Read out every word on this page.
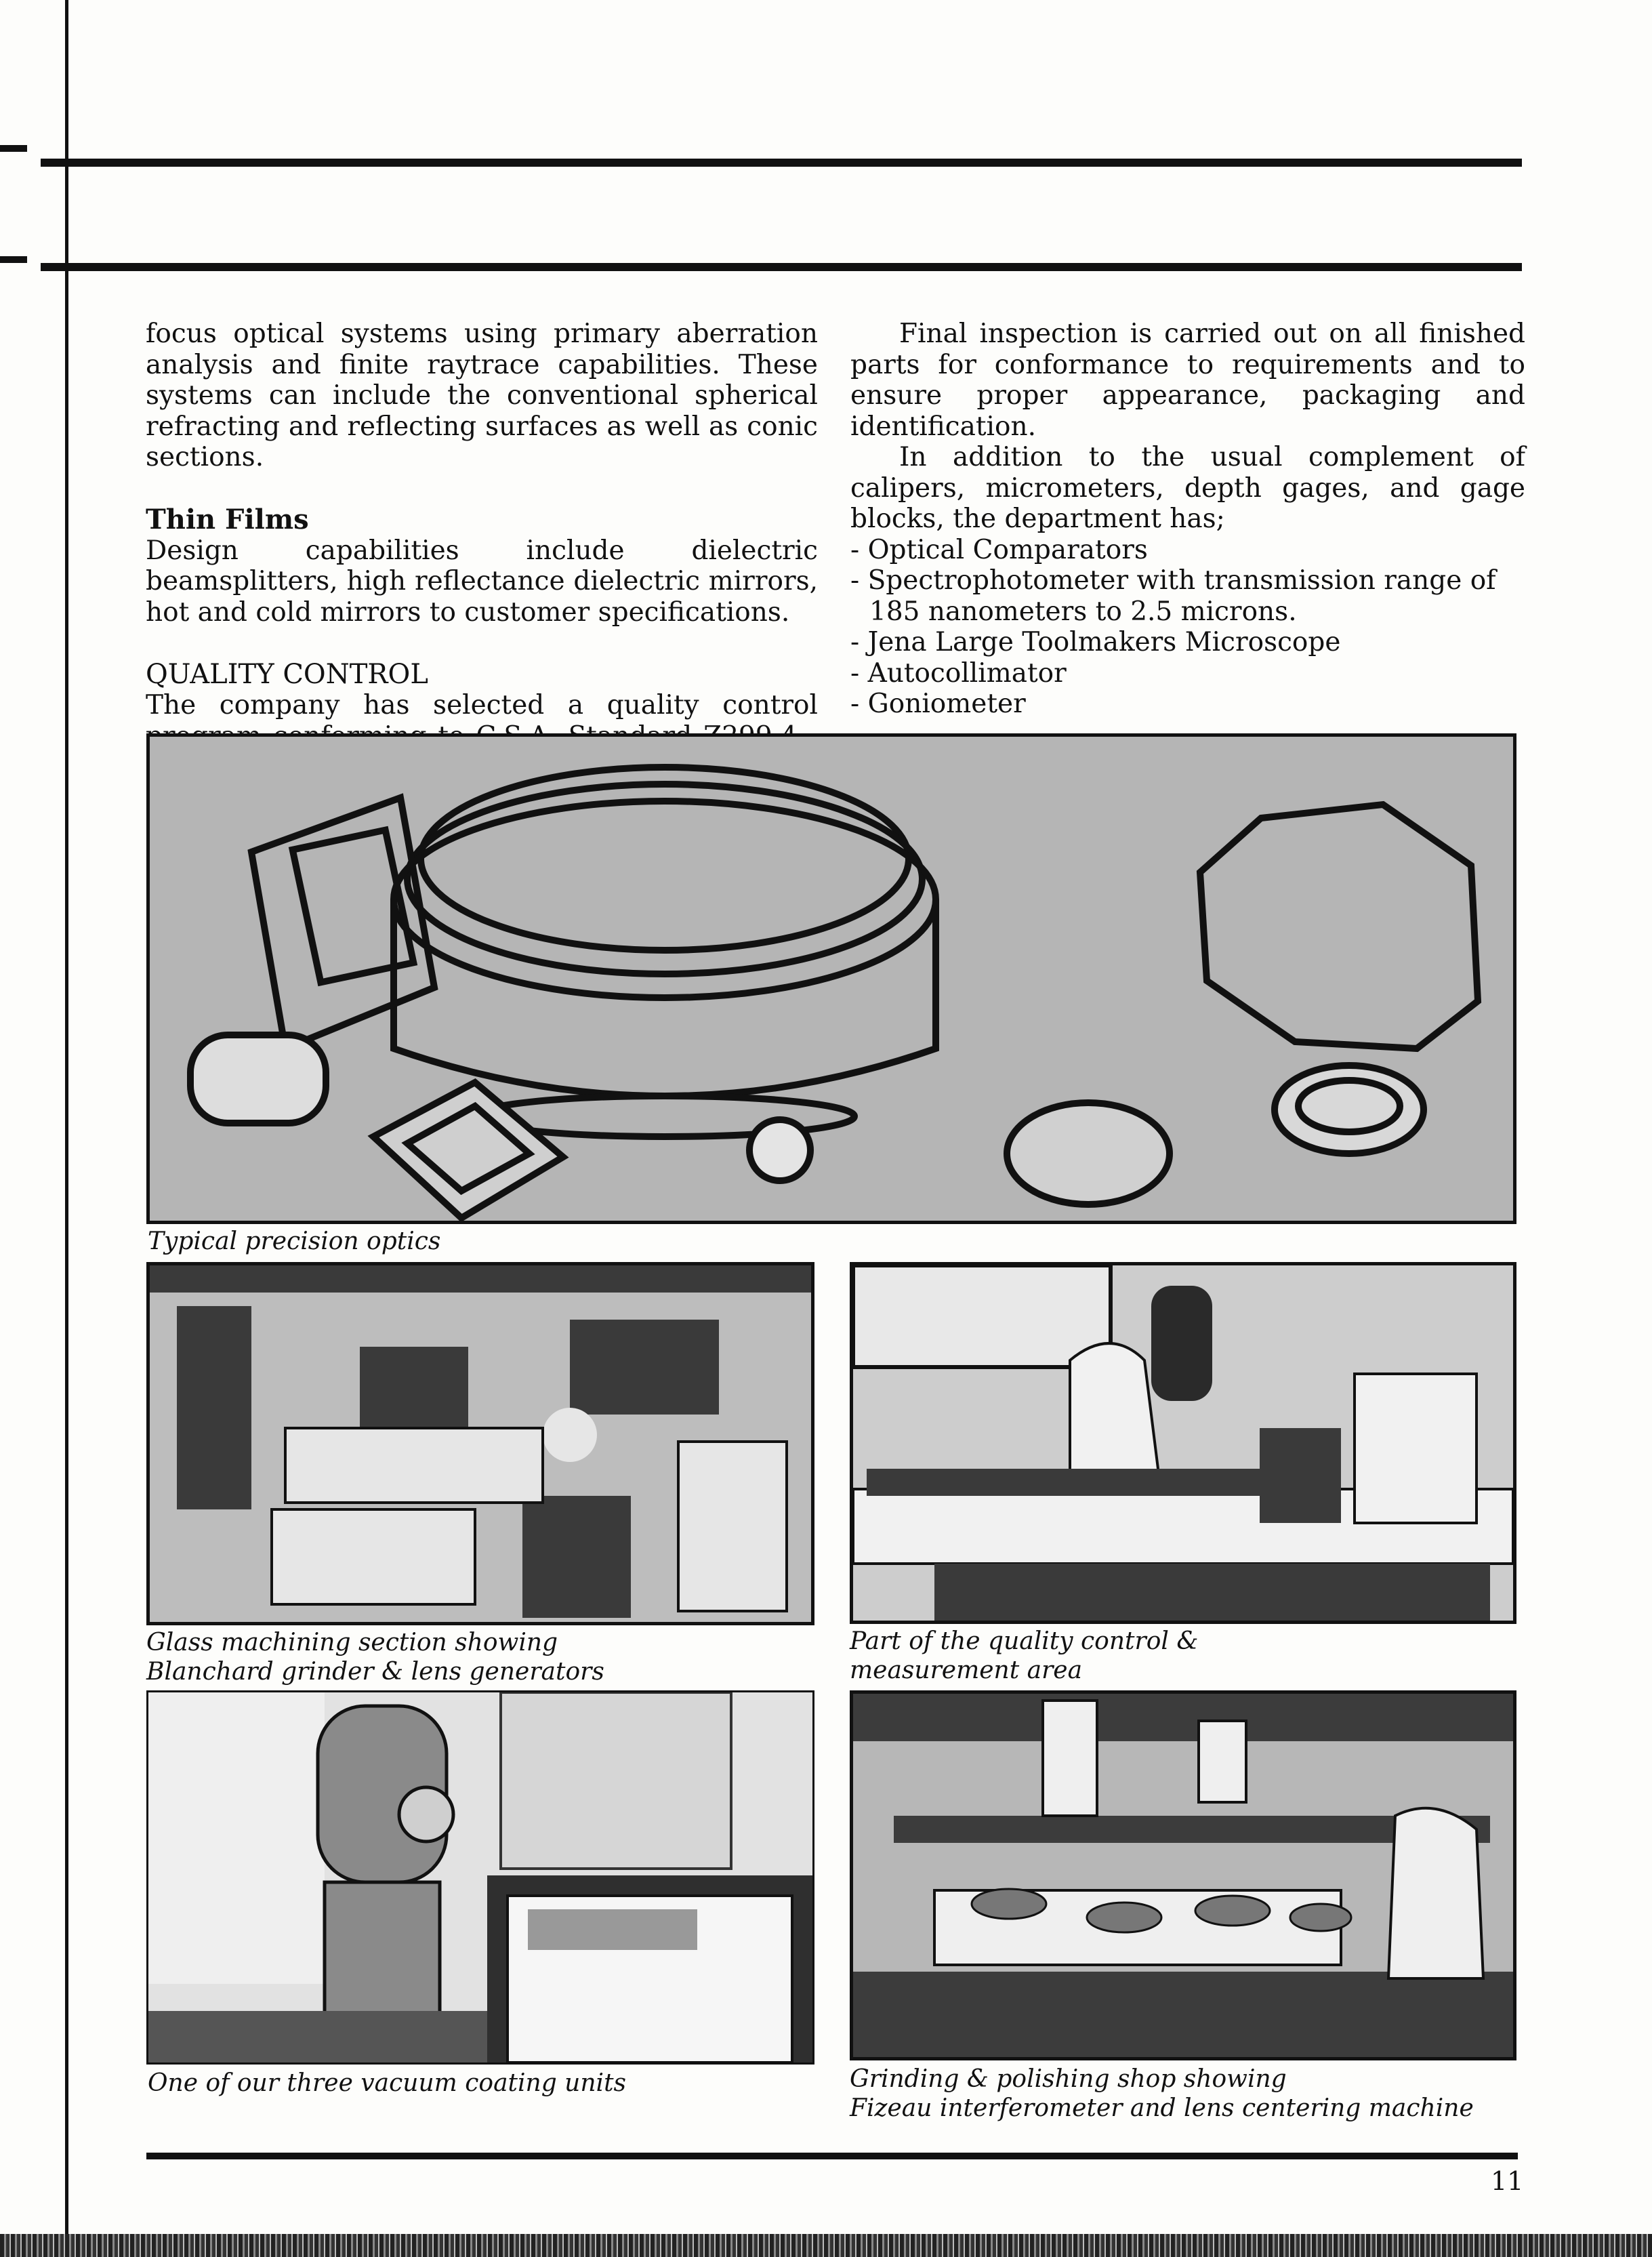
focus optical systems using primary aberration analysis and finite raytrace capabilities. These systems can include the conventional spherical refracting and reflecting surfaces as well as conic sections.

Thin Films

Design capabilities include dielectric beamsplitters, high reflectance dielectric mirrors, hot and cold mirrors to customer specifications.

QUALITY CONTROL

The company has selected a quality control

Final inspection is carried out on all finished parts for conformance to requirements and to ensure proper appearance, packaging and identification.

In addition to the usual complement of calipers, micrometers, depth gages, and gage blocks, the department has;

- Optical Comparators
- Spectrophotometer with transmission range of 185 nanometers to 2.5 microns.
- Jena Large Toolmakers Microscope
- Autocollimator
- Goniometer
Typical precision optics
Glass machining section showing
Blanchard grinder & lens generators
Part of the quality control &
measurement area
One of our three vacuum coating units	Grinding & polishing shop showing
Fizeau interferometer and lens centering machine
11
